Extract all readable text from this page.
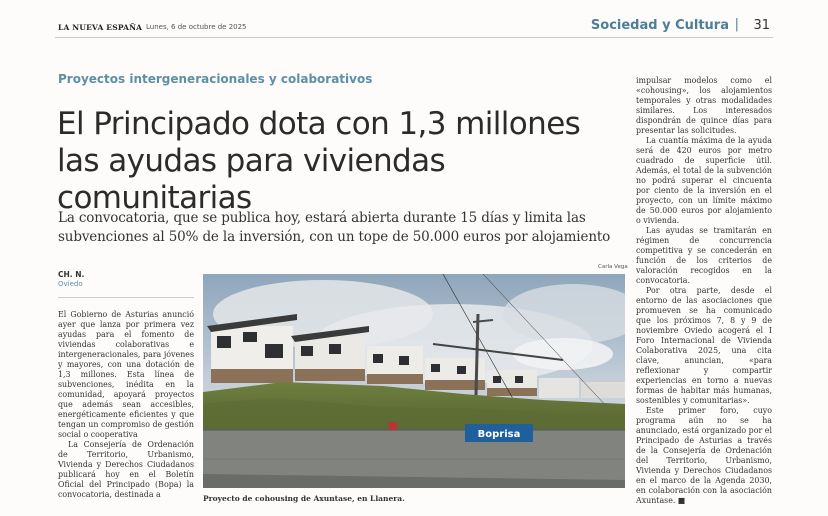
LA NUEVA ESPAÑA Lunes, 6 de octubre de 2025	Sociedad y Cultura | 31
Proyectos intergeneracionales y colaborativos
El Principado dota con 1,3 millones las ayudas para viviendas comunitarias
La convocatoria, que se publica hoy, estará abierta durante 15 días y limita las subvenciones al 50% de la inversión, con un tope de 50.000 euros por alojamiento
CH. N.
Oviedo

El Gobierno de Asturias anunció ayer que lanza por primera vez ayudas para el fomento de viviendas colaborativas e intergeneracionales, para jóvenes y mayores, con una dotación de 1,3 millones. Esta línea de subvenciones, inédita en la comunidad, apoyará proyectos que además sean accesibles, energéticamente eficientes y que tengan un compromiso de gestión social o cooperativa

La Consejería de Ordenación de Territorio, Urbanismo, Vivienda y Derechos Ciudadanos publicará hoy en el Boletín Oficial del Principado (Bopa) la convocatoria, destinada a

Carla Vega
Boprisa
Proyecto de cohousing de Axuntase, en Llanera.

impulsar modelos como el «cohousing», los alojamientos temporales y otras modalidades similares. Los interesados dispondrán de quince días para presentar las solicitudes.

La cuantía máxima de la ayuda será de 420 euros por metro cuadrado de superficie útil. Además, el total de la subvención no podrá superar el cincuenta por ciento de la inversión en el proyecto, con un límite máximo de 50.000 euros por alojamiento o vivienda.

Las ayudas se tramitarán en régimen de concurrencia competitiva y se concederán en función de los criterios de valoración recogidos en la convocatoria.

Por otra parte, desde el entorno de las asociaciones que promueven se ha comunicado que los próximos 7, 8 y 9 de noviembre Oviedo acogerá el I Foro Internacional de Vivienda Colaborativa 2025, una cita clave, anuncian, «para reflexionar y compartir experiencias en torno a nuevas formas de habitar más humanas, sostenibles y comunitarias».

Este primer foro, cuyo programa aún no se ha anunciado, está organizado por el Principado de Asturias a través de la Consejería de Ordenación del Territorio, Urbanismo, Vivienda y Derechos Ciudadanos en el marco de la Agenda 2030, en colaboración con la asociación Axuntase. ■
